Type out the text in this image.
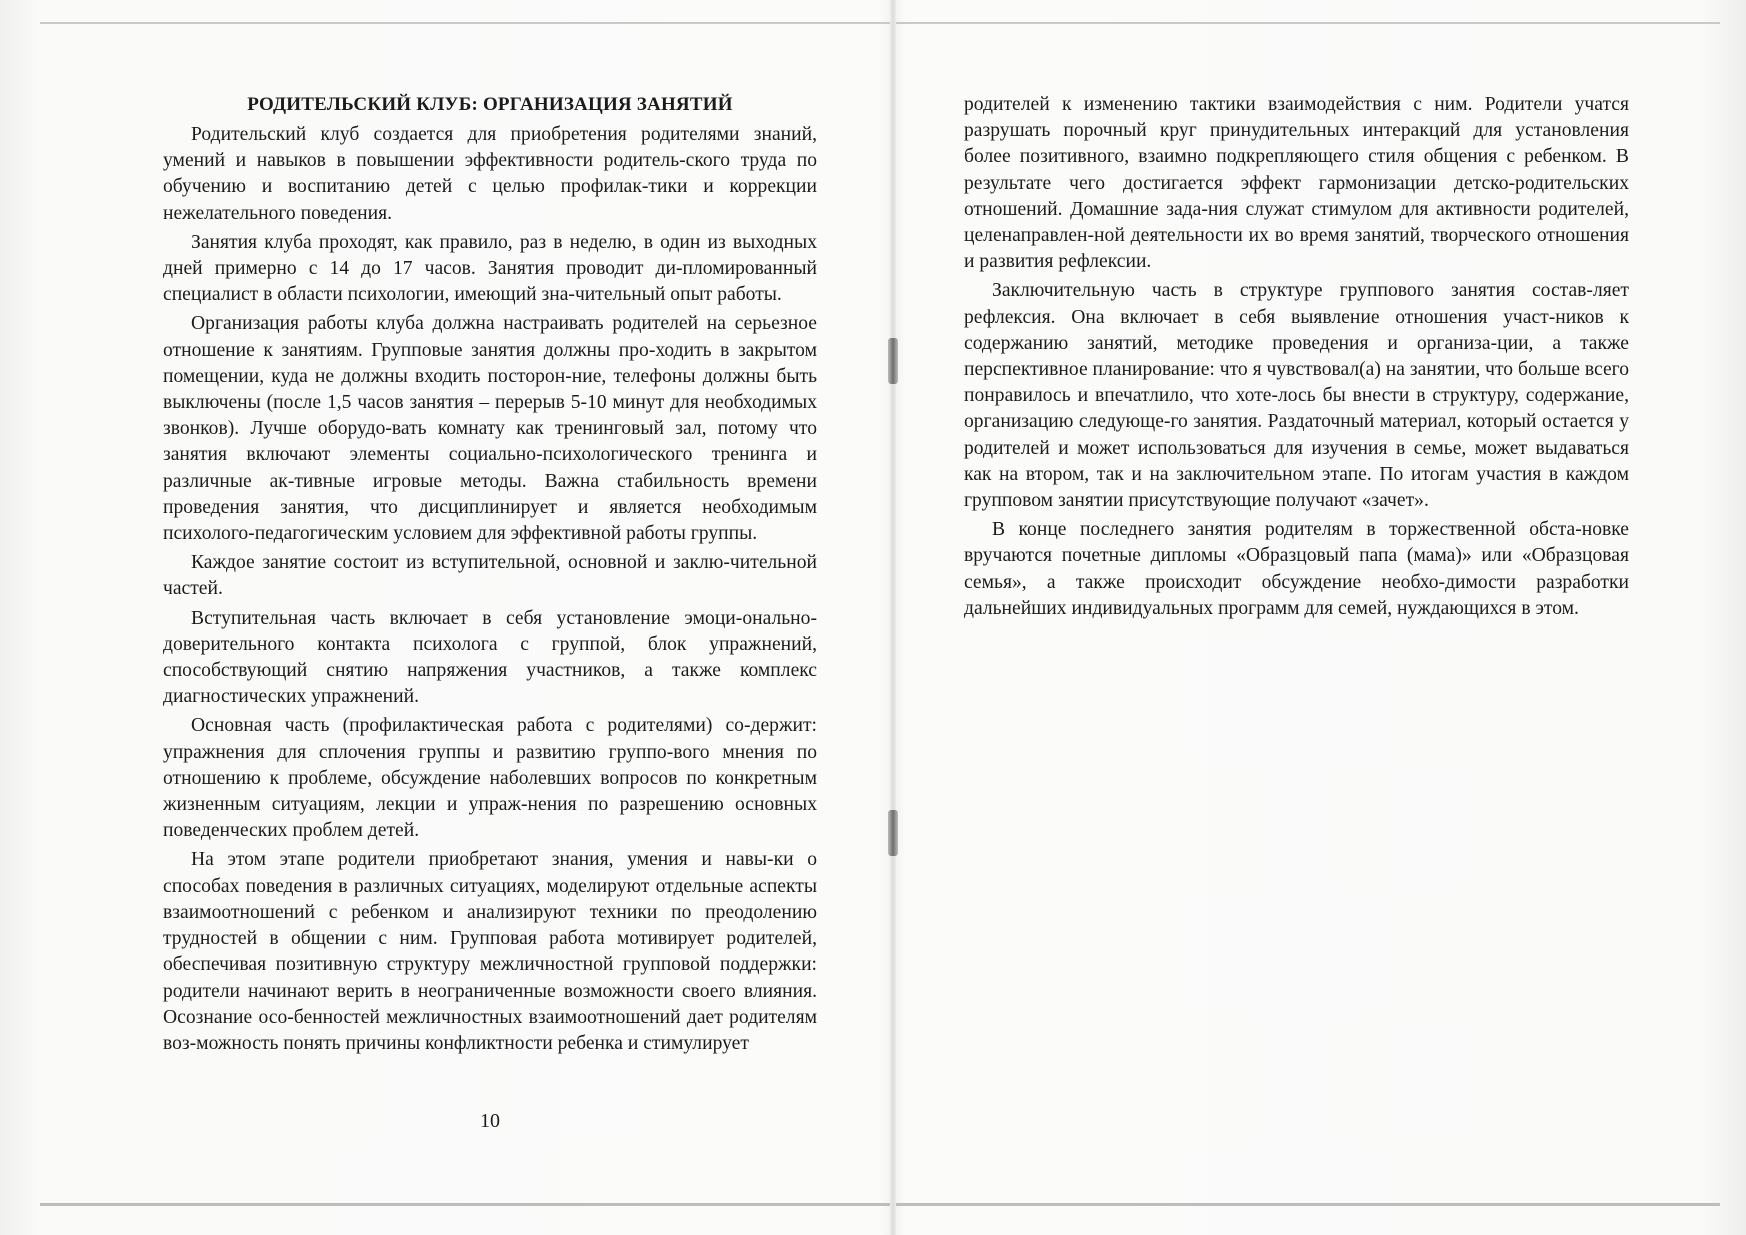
РОДИТЕЛЬСКИЙ КЛУБ: ОРГАНИЗАЦИЯ ЗАНЯТИЙ

Родительский клуб создается для приобретения родителями знаний, умений и навыков в повышении эффективности родитель-ского труда по обучению и воспитанию детей с целью профилак-тики и коррекции нежелательного поведения.

Занятия клуба проходят, как правило, раз в неделю, в один из выходных дней примерно с 14 до 17 часов. Занятия проводит ди-пломированный специалист в области психологии, имеющий зна-чительный опыт работы.

Организация работы клуба должна настраивать родителей на серьезное отношение к занятиям. Групповые занятия должны про-ходить в закрытом помещении, куда не должны входить посторон-ние, телефоны должны быть выключены (после 1,5 часов занятия – перерыв 5-10 минут для необходимых звонков). Лучше оборудо-вать комнату как тренинговый зал, потому что занятия включают элементы социально-психологического тренинга и различные ак-тивные игровые методы. Важна стабильность времени проведения занятия, что дисциплинирует и является необходимым психолого-педагогическим условием для эффективной работы группы.

Каждое занятие состоит из вступительной, основной и заклю-чительной частей.

Вступительная часть включает в себя установление эмоци-онально-доверительного контакта психолога с группой, блок упражнений, способствующий снятию напряжения участников, а также комплекс диагностических упражнений.

Основная часть (профилактическая работа с родителями) со-держит: упражнения для сплочения группы и развитию группо-вого мнения по отношению к проблеме, обсуждение наболевших вопросов по конкретным жизненным ситуациям, лекции и упраж-нения по разрешению основных поведенческих проблем детей.

На этом этапе родители приобретают знания, умения и навы-ки о способах поведения в различных ситуациях, моделируют отдельные аспекты взаимоотношений с ребенком и анализируют техники по преодолению трудностей в общении с ним. Групповая работа мотивирует родителей, обеспечивая позитивную структуру межличностной групповой поддержки: родители начинают верить в неограниченные возможности своего влияния. Осознание осо-бенностей межличностных взаимоотношений дает родителям воз-можность понять причины конфликтности ребенка и стимулирует

10

родителей к изменению тактики взаимодействия с ним. Родители учатся разрушать порочный круг принудительных интеракций для установления более позитивного, взаимно подкрепляющего стиля общения с ребенком. В результате чего достигается эффект гармонизации детско-родительских отношений. Домашние зада-ния служат стимулом для активности родителей, целенаправлен-ной деятельности их во время занятий, творческого отношения и развития рефлексии.

Заключительную часть в структуре группового занятия состав-ляет рефлексия. Она включает в себя выявление отношения участ-ников к содержанию занятий, методике проведения и организа-ции, а также перспективное планирование: что я чувствовал(а) на занятии, что больше всего понравилось и впечатлило, что хоте-лось бы внести в структуру, содержание, организацию следующе-го занятия. Раздаточный материал, который остается у родителей и может использоваться для изучения в семье, может выдаваться как на втором, так и на заключительном этапе. По итогам участия в каждом групповом занятии присутствующие получают «зачет».

В конце последнего занятия родителям в торжественной обста-новке вручаются почетные дипломы «Образцовый папа (мама)» или «Образцовая семья», а также происходит обсуждение необхо-димости разработки дальнейших индивидуальных программ для семей, нуждающихся в этом.
